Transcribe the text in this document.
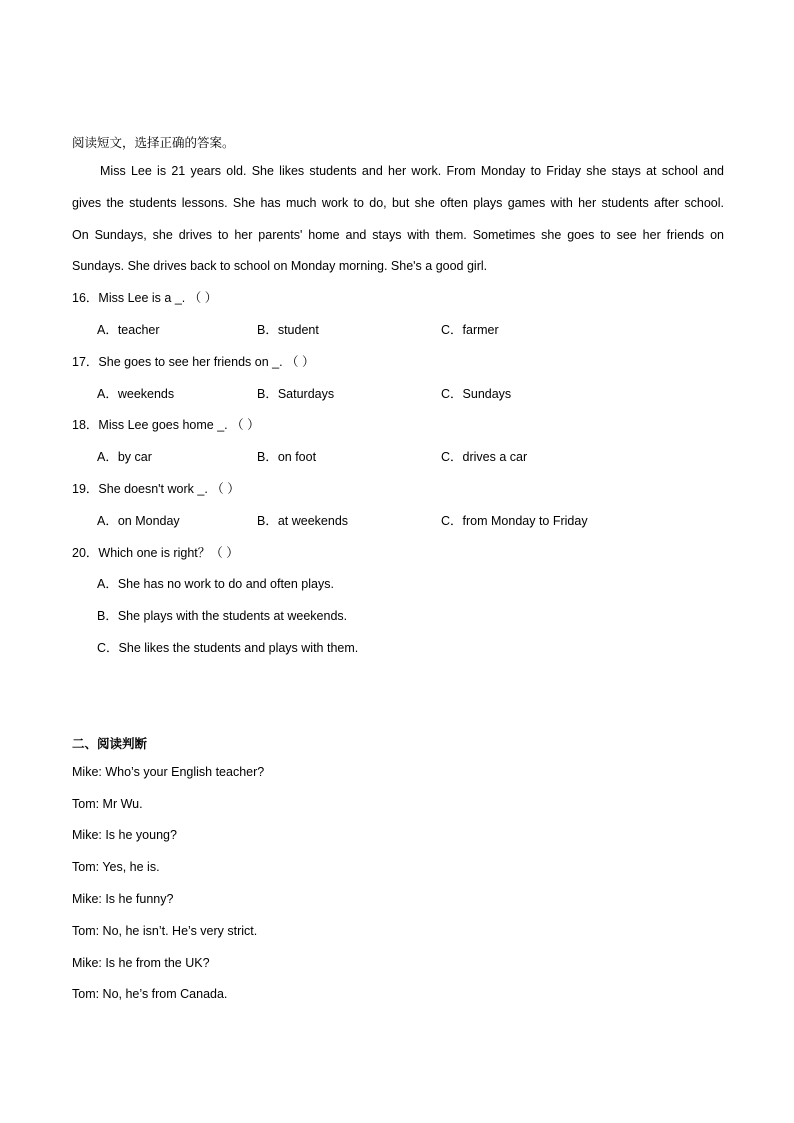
阅读短文，选择正确的答案。
Miss Lee is 21 years old. She likes students and her work. From Monday to Friday she stays at school and
gives the students lessons. She has much work to do, but she often plays games with her students after school.
On Sundays, she drives to her parents' home and stays with them. Sometimes she goes to see her friends on
Sundays. She drives back to school on Monday morning. She's a good girl.
16．Miss Lee is a _. （ ）
A．teacher	B．student	C．farmer
17．She goes to see her friends on _. （ ）
A．weekends	B．Saturdays	C．Sundays
18．Miss Lee goes home _. （ ）
A．by car	B．on foot	C．drives a car
19．She doesn't work _. （ ）
A．on Monday	B．at weekends	C．from Monday to Friday
20．Which one is right？（ ）
A．She has no work to do and often plays.
B．She plays with the students at weekends.
C．She likes the students and plays with them.
二、阅读判断
Mike: Who’s your English teacher?
Tom: Mr Wu.
Mike: Is he young?
Tom: Yes, he is.
Mike: Is he funny?
Tom: No, he isn’t. He’s very strict.
Mike: Is he from the UK?
Tom: No, he’s from Canada.
